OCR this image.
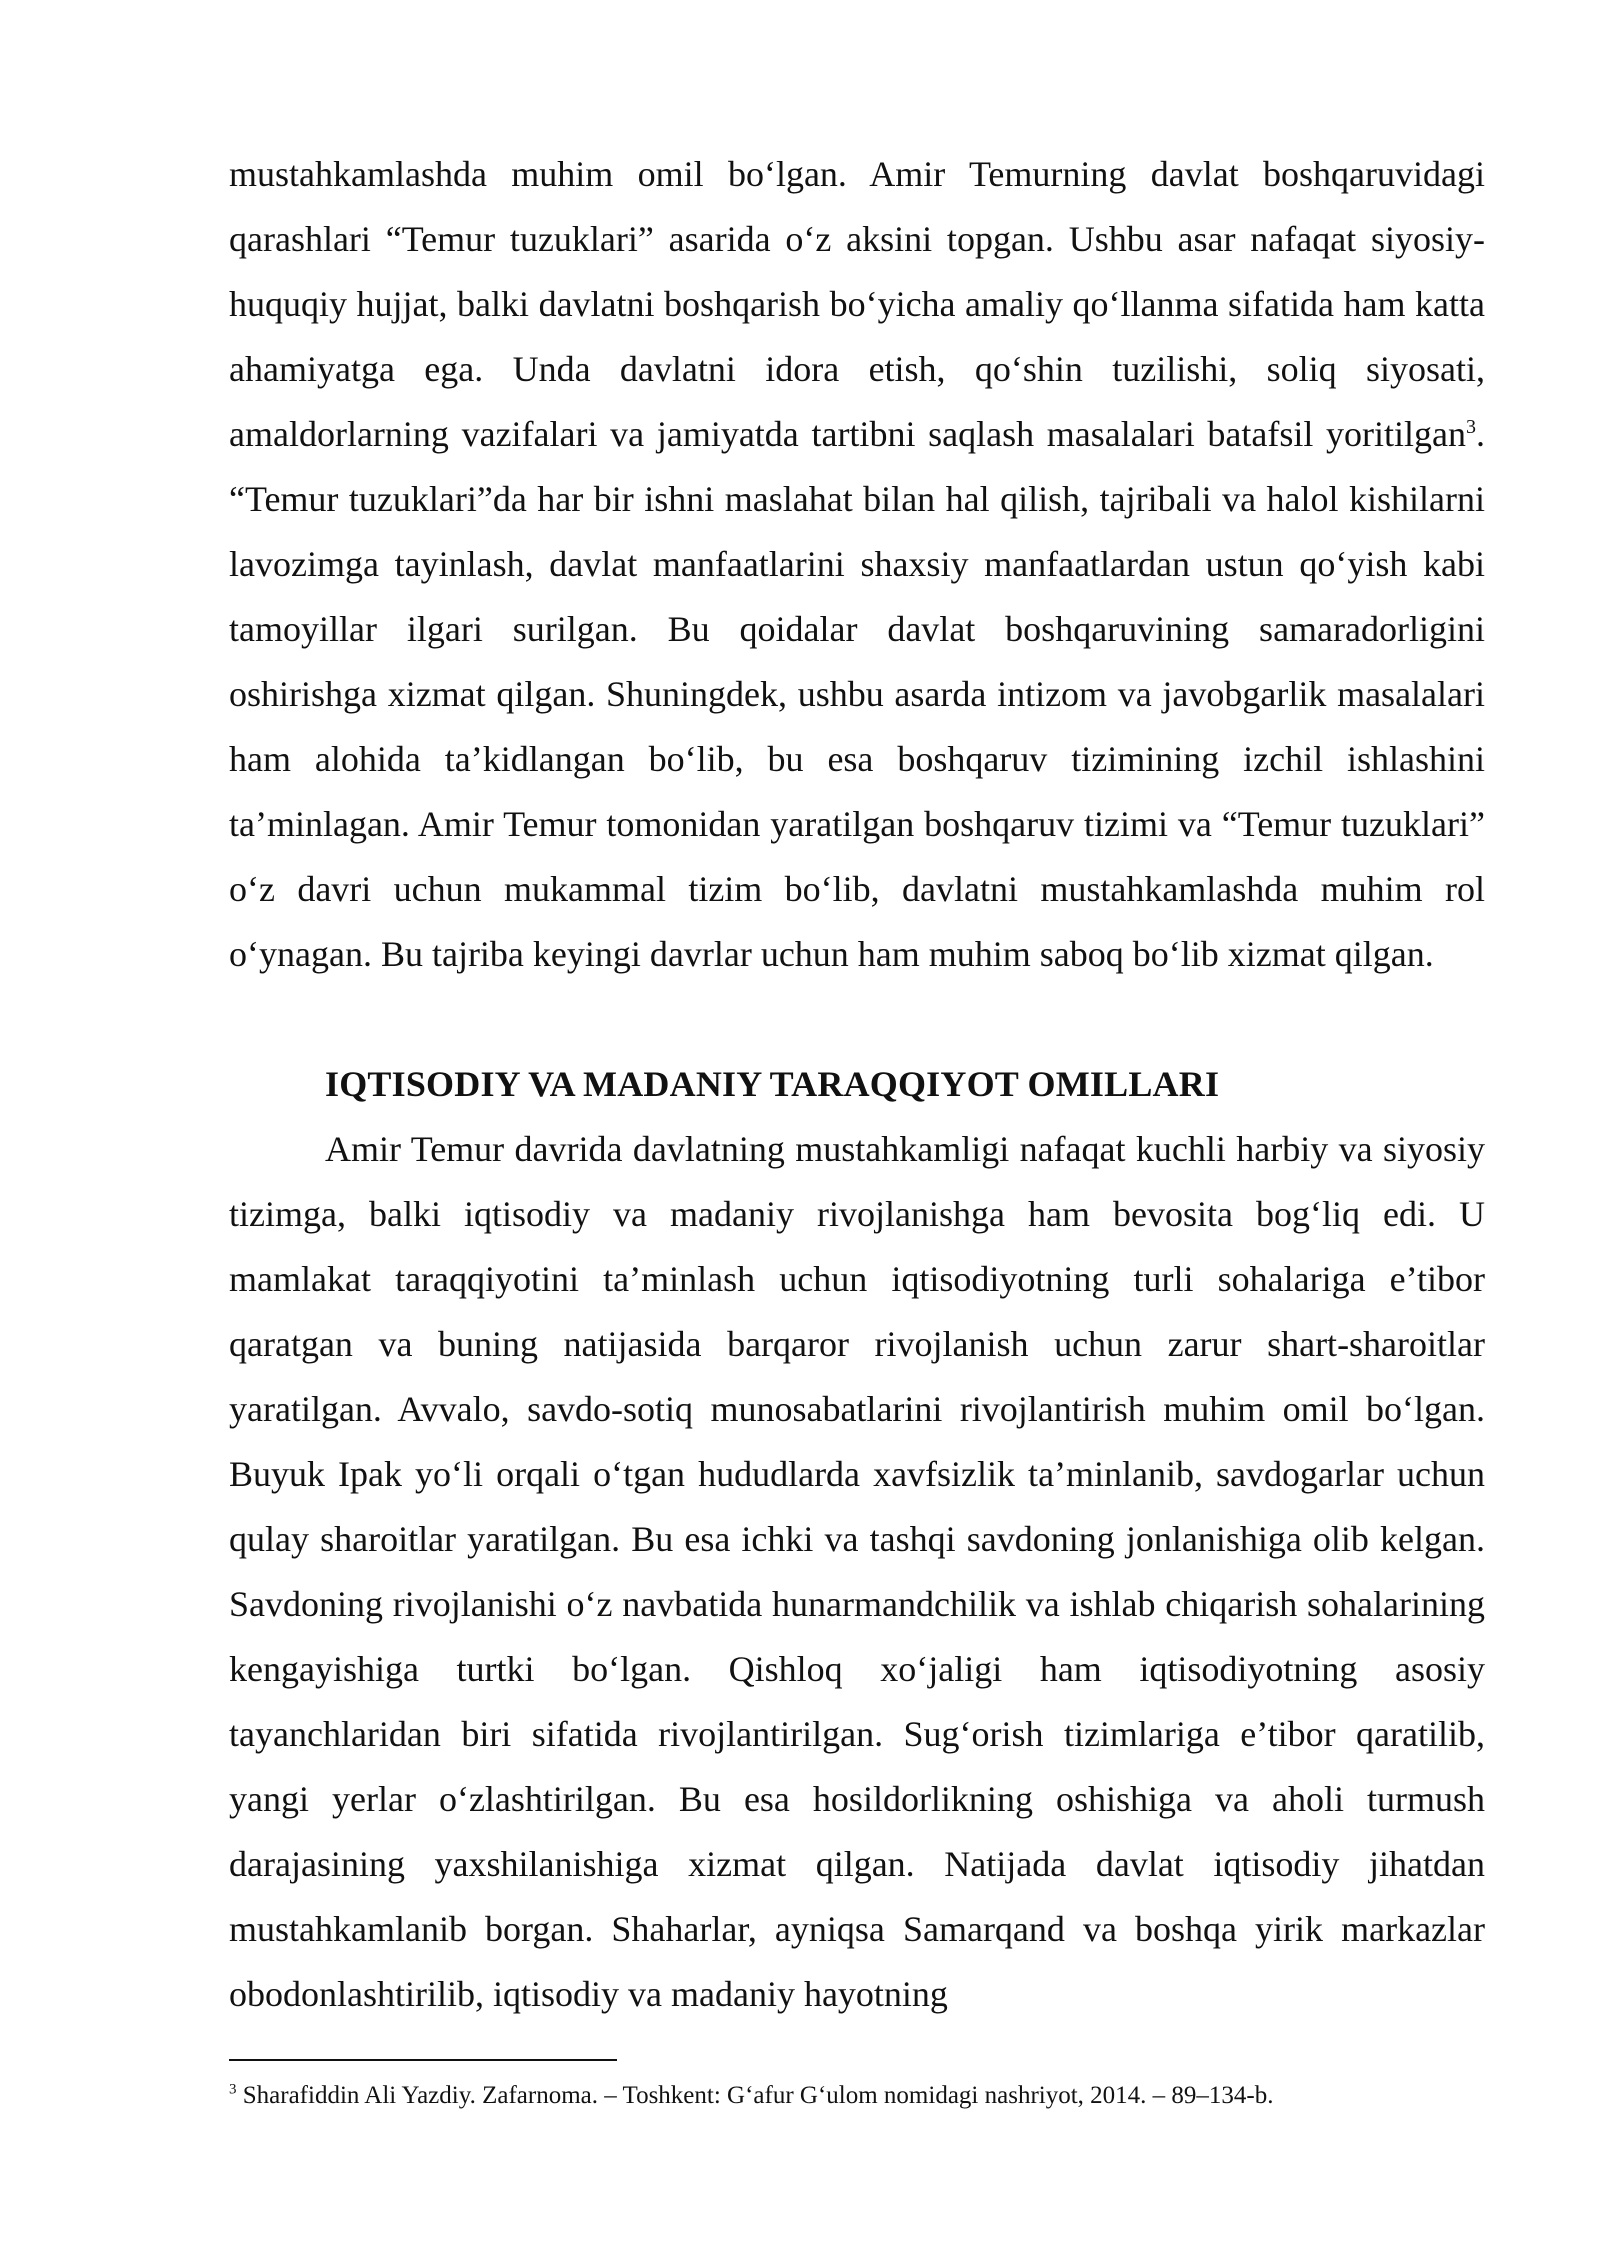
mustahkamlashda muhim omil bo‘lgan. Amir Temurning davlat boshqaruvidagi qarashlari “Temur tuzuklari” asarida o‘z aksini topgan. Ushbu asar nafaqat siyosiy-huquqiy hujjat, balki davlatni boshqarish bo‘yicha amaliy qo‘llanma sifatida ham katta ahamiyatga ega. Unda davlatni idora etish, qo‘shin tuzilishi, soliq siyosati, amaldorlarning vazifalari va jamiyatda tartibni saqlash masalalari batafsil yoritilgan$^3$. “Temur tuzuklari”da har bir ishni maslahat bilan hal qilish, tajribali va halol kishilarni lavozimga tayinlash, davlat manfaatlarini shaxsiy manfaatlardan ustun qo‘yish kabi tamoyillar ilgari surilgan. Bu qoidalar davlat boshqaruvining samaradorligini oshirishga xizmat qilgan. Shuningdek, ushbu asarda intizom va javobgarlik masalalari ham alohida ta’kidlangan bo‘lib, bu esa boshqaruv tizimining izchil ishlashini ta’minlagan. Amir Temur tomonidan yaratilgan boshqaruv tizimi va “Temur tuzuklari” o‘z davri uchun mukammal tizim bo‘lib, davlatni mustahkamlashda muhim rol o‘ynagan. Bu tajriba keyingi davrlar uchun ham muhim saboq bo‘lib xizmat qilgan.

IQTISODIY VA MADANIY TARAQQIYOT OMILLARI

Amir Temur davrida davlatning mustahkamligi nafaqat kuchli harbiy va siyosiy tizimga, balki iqtisodiy va madaniy rivojlanishga ham bevosita bog‘liq edi. U mamlakat taraqqiyotini ta’minlash uchun iqtisodiyotning turli sohalariga e’tibor qaratgan va buning natijasida barqaror rivojlanish uchun zarur shart-sharoitlar yaratilgan. Avvalo, savdo-sotiq munosabatlarini rivojlantirish muhim omil bo‘lgan. Buyuk Ipak yo‘li orqali o‘tgan hududlarda xavfsizlik ta’minlanib, savdogarlar uchun qulay sharoitlar yaratilgan. Bu esa ichki va tashqi savdoning jonlanishiga olib kelgan. Savdoning rivojlanishi o‘z navbatida hunarmandchilik va ishlab chiqarish sohalarining kengayishiga turtki bo‘lgan. Qishloq xo‘jaligi ham iqtisodiyotning asosiy tayanchlaridan biri sifatida rivojlantirilgan. Sug‘orish tizimlariga e’tibor qaratilib, yangi yerlar o‘zlashtirilgan. Bu esa hosildorlikning oshishiga va aholi turmush darajasining yaxshilanishiga xizmat qilgan. Natijada davlat iqtisodiy jihatdan mustahkamlanib borgan. Shaharlar, ayniqsa Samarqand va boshqa yirik markazlar obodonlashtirilib, iqtisodiy va madaniy hayotning

$^3$ Sharafiddin Ali Yazdiy. Zafarnoma. – Toshkent: G‘afur G‘ulom nomidagi nashriyot, 2014. – 89–134-b.
